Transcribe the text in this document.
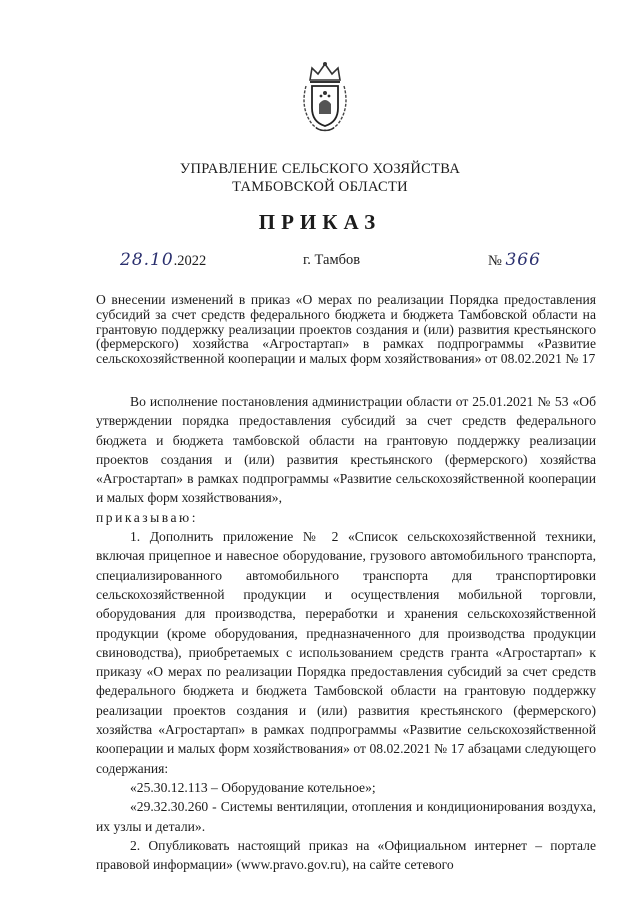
УПРАВЛЕНИЕ СЕЛЬСКОГО ХОЗЯЙСТВА
ТАМБОВСКОЙ ОБЛАСТИ
ПРИКАЗ
28.10.2022	г. Тамбов	№ 366
О внесении изменений в приказ «О мерах по реализации Порядка предоставления субсидий за счет средств федерального бюджета и бюджета Тамбовской области на грантовую поддержку реализации проектов создания и (или) развития крестьянского (фермерского) хозяйства «Агростартап» в рамках подпрограммы «Развитие сельскохозяйственной кооперации и малых форм хозяйствования» от 08.02.2021 № 17

Во исполнение постановления администрации области от 25.01.2021 № 53 «Об утверждении порядка предоставления субсидий за счет средств федерального бюджета и бюджета тамбовской области на грантовую поддержку реализации проектов создания и (или) развития крестьянского (фермерского) хозяйства «Агростартап» в рамках подпрограммы «Развитие сельскохозяйственной кооперации и малых форм хозяйствования»,

приказываю:

1. Дополнить приложение № 2 «Список сельскохозяйственной техники, включая прицепное и навесное оборудование, грузового автомобильного транспорта, специализированного автомобильного транспорта для транспортировки сельскохозяйственной продукции и осуществления мобильной торговли, оборудования для производства, переработки и хранения сельскохозяйственной продукции (кроме оборудования, предназначенного для производства продукции свиноводства), приобретаемых с использованием средств гранта «Агростартап» к приказу «О мерах по реализации Порядка предоставления субсидий за счет средств федерального бюджета и бюджета Тамбовской области на грантовую поддержку реализации проектов создания и (или) развития крестьянского (фермерского) хозяйства «Агростартап» в рамках подпрограммы «Развитие сельскохозяйственной кооперации и малых форм хозяйствования» от 08.02.2021 № 17 абзацами следующего содержания:

«25.30.12.113 – Оборудование котельное»;

«29.32.30.260 - Системы вентиляции, отопления и кондиционирования воздуха, их узлы и детали».

2. Опубликовать настоящий приказ на «Официальном интернет – портале правовой информации» (www.pravo.gov.ru), на сайте сетевого
